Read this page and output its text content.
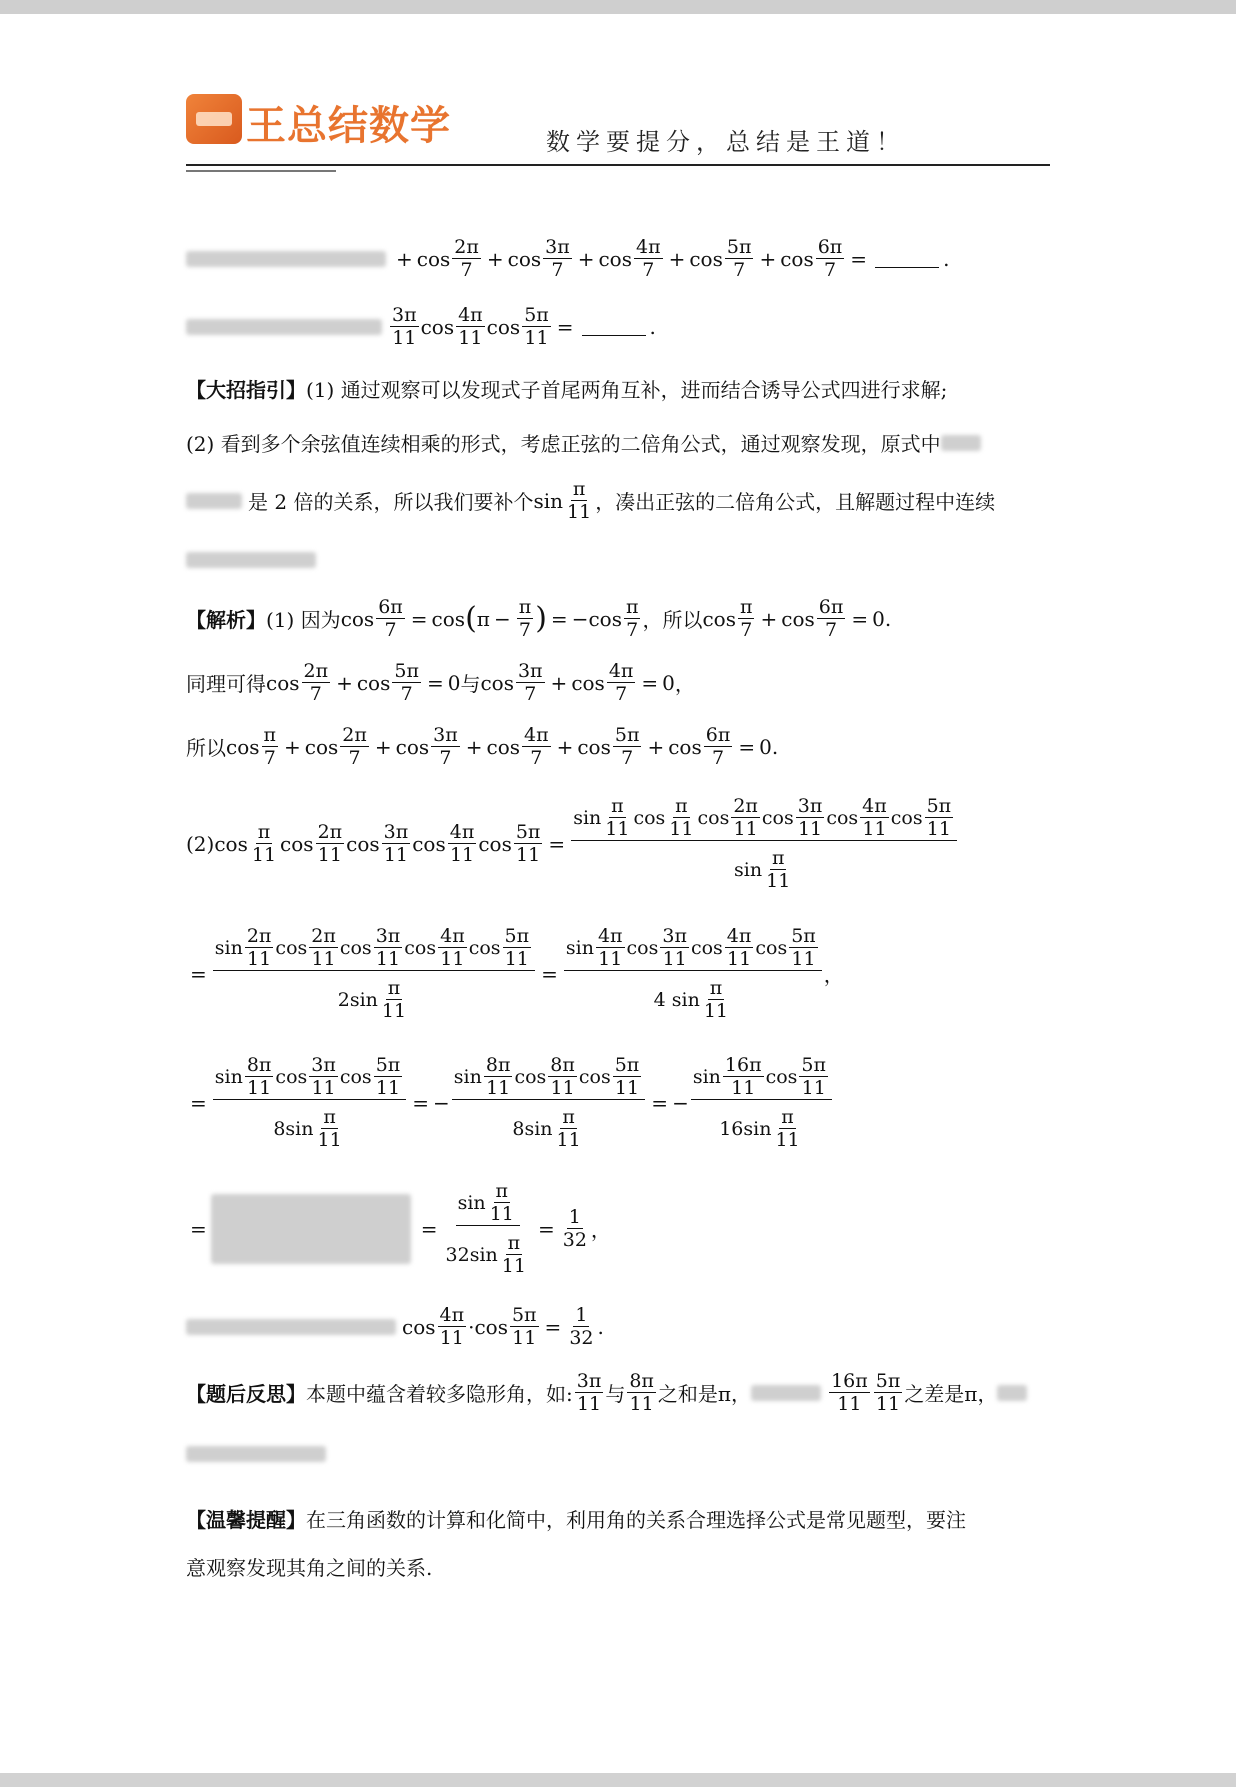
王总结数学	数学要提分，总结是王道！
+ $\cos \frac{2\pi}{7} + \cos \frac{3\pi}{7} + \cos \frac{4\pi}{7} + \cos \frac{5\pi}{7} + \cos \frac{6\pi}{7}$ =	.
$\frac{3\pi}{11}$ $\cos \frac{4\pi}{11}$ $\cos \frac{5\pi}{11}$ =	.
【大招指引】 (1) 通过观察可以发现式子首尾两角互补，进而结合诱导公式四进行求解;
(2) 看到多个余弦值连续相乘的形式，考虑正弦的二倍角公式，通过观察发现，原式中
是 2 倍的关系，所以我们要补个 $\sin \frac{\pi}{11}$ ，凑出正弦的二倍角公式，且解题过程中连续
【解析】 (1) 因为 $\cos \frac{6\pi}{7} = \cos$ ( $\pi - \frac{\pi}{7}$ ) = − $\cos \frac{\pi}{7}$ ，所以 $\cos \frac{\pi}{7} + \cos \frac{6\pi}{7} = 0$ .
同理可得 $\cos \frac{2\pi}{7} + \cos \frac{5\pi}{7} = 0$ 与 $\cos \frac{3\pi}{7} + \cos \frac{4\pi}{7} = 0$ ，
所以 $\cos \frac{\pi}{7} + \cos \frac{2\pi}{7} + \cos \frac{3\pi}{7} + \cos \frac{4\pi}{7} + \cos \frac{5\pi}{7} + \cos \frac{6\pi}{7} = 0$ .
(2) $\cos \frac{\pi}{11}$ $\cos \frac{2\pi}{11}$ $\cos \frac{3\pi}{11}$ $\cos \frac{4\pi}{11}$ $\cos \frac{5\pi}{11}$ =
$\sin \frac{\pi}{11}$ $\cos \frac{\pi}{11}$ $\cos \frac{2\pi}{11}$ $\cos \frac{3\pi}{11}$ $\cos \frac{4\pi}{11}$ $\cos \frac{5\pi}{11}$
$\sin \frac{\pi}{11}$
=
$\sin \frac{2\pi}{11}$ $\cos \frac{2\pi}{11}$ $\cos \frac{3\pi}{11}$ $\cos \frac{4\pi}{11}$ $\cos \frac{5\pi}{11}$
$2\sin \frac{\pi}{11}$
= $\frac{\sin \frac{4\pi}{11} \cos \frac{3\pi}{11} \cos \frac{4\pi}{11} \cos \frac{5\pi}{11}}{4 \sin \frac{\pi}{11}}$ ，
= $\frac{\sin \frac{8\pi}{11} \cos \frac{3\pi}{11} \cos \frac{5\pi}{11}}{8\sin \frac{\pi}{11}}$ = − $\frac{\sin \frac{8\pi}{11} \cos \frac{8\pi}{11} \cos \frac{5\pi}{11}}{8\sin \frac{\pi}{11}}$ = − $\frac{\sin \frac{16\pi}{11} \cos \frac{5\pi}{11}}{16\sin \frac{\pi}{11}}$
=	= $\frac{\sin \frac{\pi}{11}}{32\sin \frac{\pi}{11}} = \frac{1}{32}$ ，
$\cos \frac{4\pi}{11} \cdot \cos \frac{5\pi}{11} = \frac{1}{32}$ .
【题后反思】 本题中蕴含着较多隐形角，如: $\frac{3\pi}{11}$ 与 $\frac{8\pi}{11}$ 之和是π，	$\frac{16\pi}{11} \frac{5\pi}{11}$ 之差是π，
【温馨提醒】 在三角函数的计算和化简中，利用角的关系合理选择公式是常见题型，要注
意观察发现其角之间的关系.
